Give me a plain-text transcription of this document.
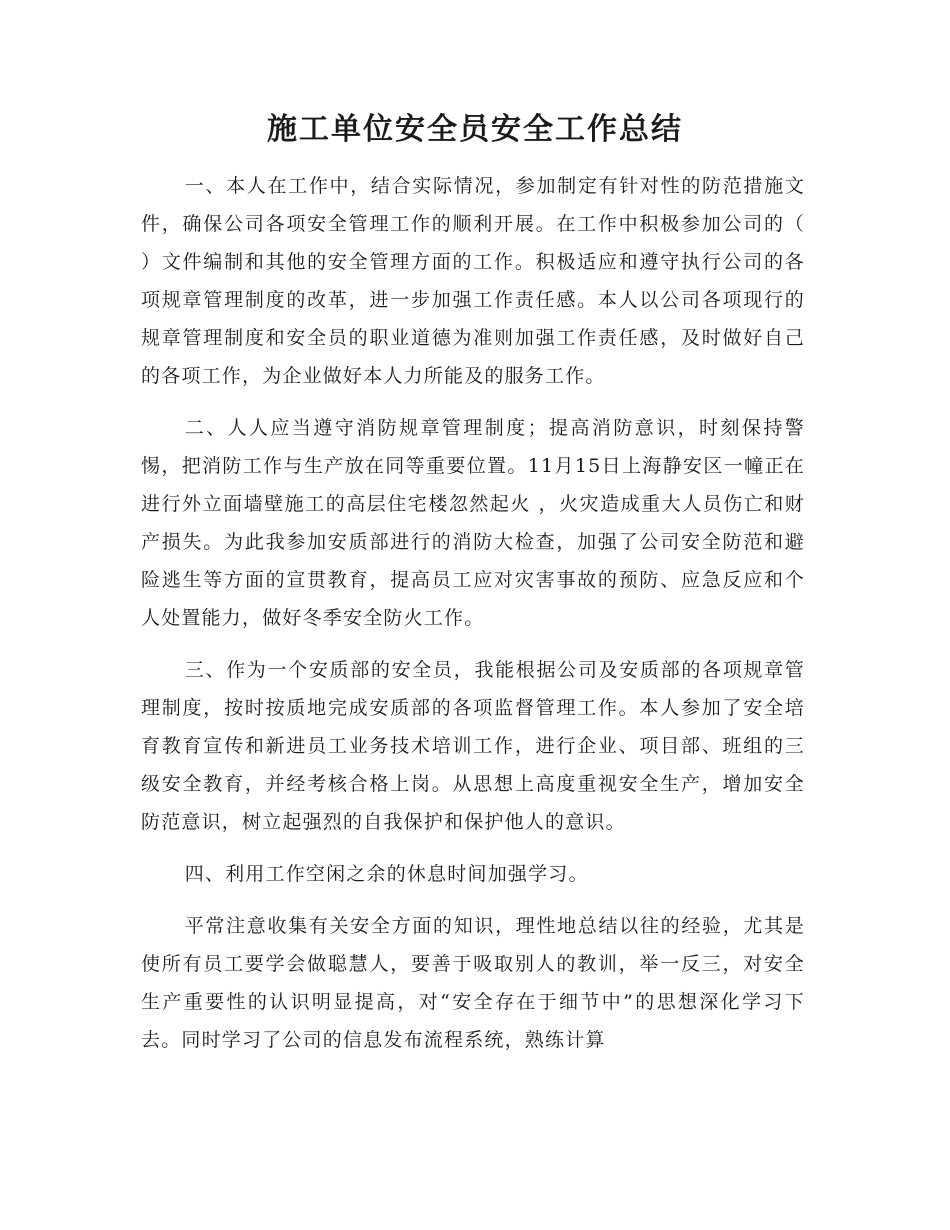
施工单位安全员安全工作总结

一、本人在工作中，结合实际情况，参加制定有针对性的防范措施文件，确保公司各项安全管理工作的顺利开展。在工作中积极参加公司的（ ）文件编制和其他的安全管理方面的工作。积极适应和遵守执行公司的各项规章管理制度的改革，进一步加强工作责任感。本人以公司各项现行的规章管理制度和安全员的职业道德为准则加强工作责任感，及时做好自己的各项工作，为企业做好本人力所能及的服务工作。

二、人人应当遵守消防规章管理制度；提高消防意识，时刻保持警惕，把消防工作与生产放在同等重要位置。11月15日上海静安区一幢正在进行外立面墙壁施工的高层住宅楼忽然起火 ，火灾造成重大人员伤亡和财产损失。为此我参加安质部进行的消防大检查，加强了公司安全防范和避险逃生等方面的宣贯教育，提高员工应对灾害事故的预防、应急反应和个人处置能力，做好冬季安全防火工作。

三、作为一个安质部的安全员，我能根据公司及安质部的各项规章管理制度，按时按质地完成安质部的各项监督管理工作。本人参加了安全培育教育宣传和新进员工业务技术培训工作，进行企业、项目部、班组的三级安全教育，并经考核合格上岗。从思想上高度重视安全生产，增加安全防范意识，树立起强烈的自我保护和保护他人的意识。

四、利用工作空闲之余的休息时间加强学习。

平常注意收集有关安全方面的知识，理性地总结以往的经验，尤其是使所有员工要学会做聪慧人，要善于吸取别人的教训，举一反三，对安全生产重要性的认识明显提高，对“安全存在于细节中”的思想深化学习下去。同时学习了公司的信息发布流程系统，熟练计算
